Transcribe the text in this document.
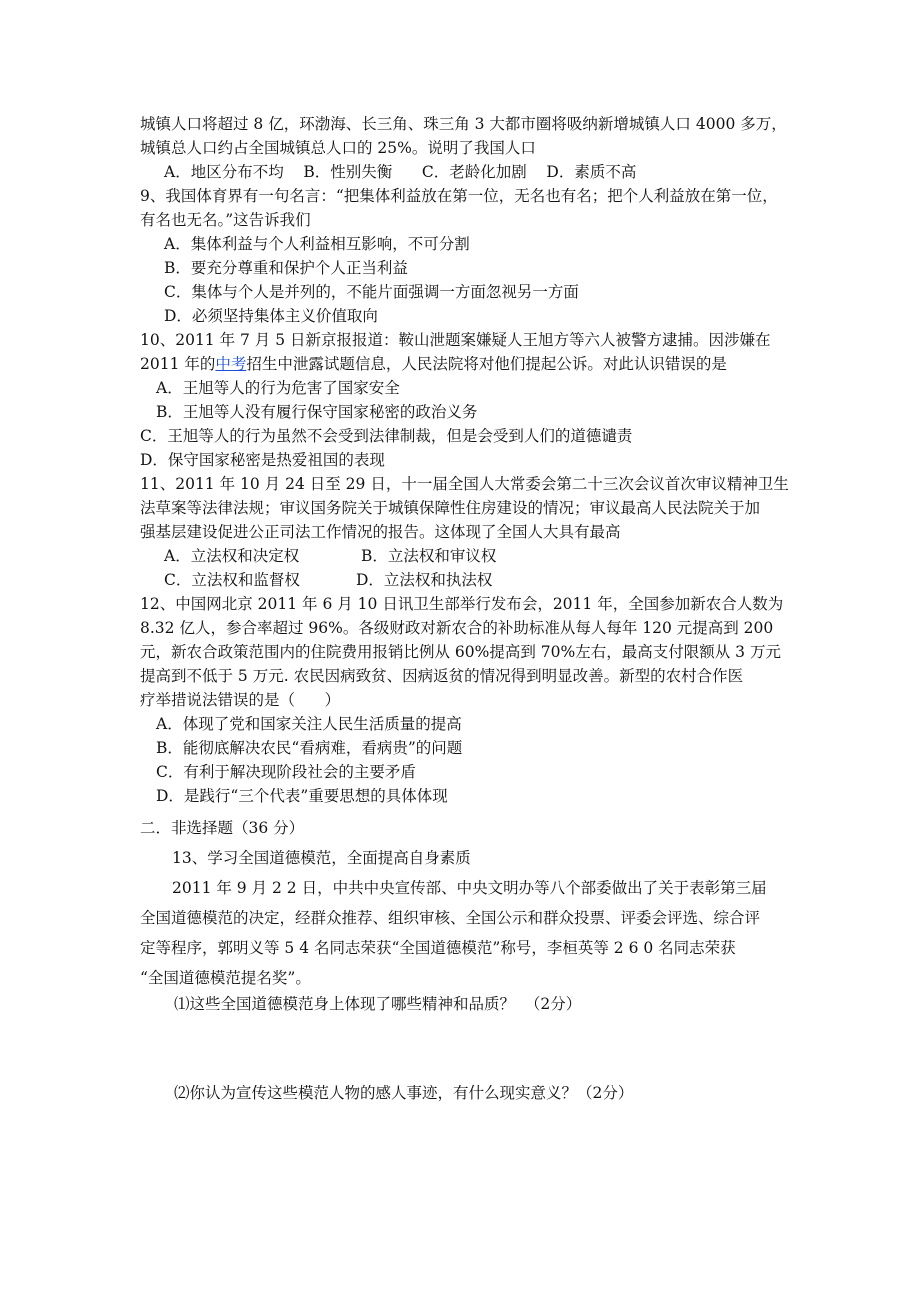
城镇人口将超过 8 亿，环渤海、长三角、珠三角 3 大都市圈将吸纳新增城镇人口 4000 多万，
城镇总人口约占全国城镇总人口的 25%。说明了我国人口
A．地区分布不均    B．性别失衡      C．老龄化加剧    D．素质不高
9、我国体育界有一句名言：“把集体利益放在第一位，无名也有名；把个人利益放在第一位，
有名也无名。”这告诉我们
A．集体利益与个人利益相互影响，不可分割
B．要充分尊重和保护个人正当利益
C．集体与个人是并列的，不能片面强调一方面忽视另一方面
D．必须坚持集体主义价值取向
10、2011 年 7 月 5 日新京报报道：鞍山泄题案嫌疑人王旭方等六人被警方逮捕。因涉嫌在
2011 年的中考招生中泄露试题信息，人民法院将对他们提起公诉。对此认识错误的是
A．王旭等人的行为危害了国家安全
B．王旭等人没有履行保守国家秘密的政治义务
C．王旭等人的行为虽然不会受到法律制裁，但是会受到人们的道德谴责
D．保守国家秘密是热爱祖国的表现
11、2011 年 10 月 24 日至 29 日，十一届全国人大常委会第二十三次会议首次审议精神卫生
法草案等法律法规；审议国务院关于城镇保障性住房建设的情况；审议最高人民法院关于加
强基层建设促进公正司法工作情况的报告。这体现了全国人大具有最高
A．立法权和决定权	B．立法权和审议权
C．立法权和监督权	D．立法权和执法权
12、中国网北京 2011 年 6 月 10 日讯卫生部举行发布会，2011 年，全国参加新农合人数为
8.32 亿人，参合率超过 96%。各级财政对新农合的补助标准从每人每年 120 元提高到 200
元，新农合政策范围内的住院费用报销比例从 60%提高到 70%左右，最高支付限额从 3 万元
提高到不低于 5 万元. 农民因病致贫、因病返贫的情况得到明显改善。新型的农村合作医
疗举措说法错误的是（      ）
A．体现了党和国家关注人民生活质量的提高
B．能彻底解决农民“看病难，看病贵”的问题
C．有利于解决现阶段社会的主要矛盾
D．是践行“三个代表”重要思想的具体体现
二．非选择题（36 分）
13、学习全国道德模范，全面提高自身素质
2011 年 9 月 2 2 日，中共中央宣传部、中央文明办等八个部委做出了关于表彰第三届
全国道德模范的决定，经群众推荐、组织审核、全国公示和群众投票、评委会评选、综合评
定等程序，郭明义等 5 4 名同志荣获“全国道德模范”称号，李桓英等 2 6 0 名同志荣获
“全国道德模范提名奖”。
⑴这些全国道德模范身上体现了哪些精神和品质？  （2分）
⑵你认为宣传这些模范人物的感人事迹，有什么现实意义？（2分）
